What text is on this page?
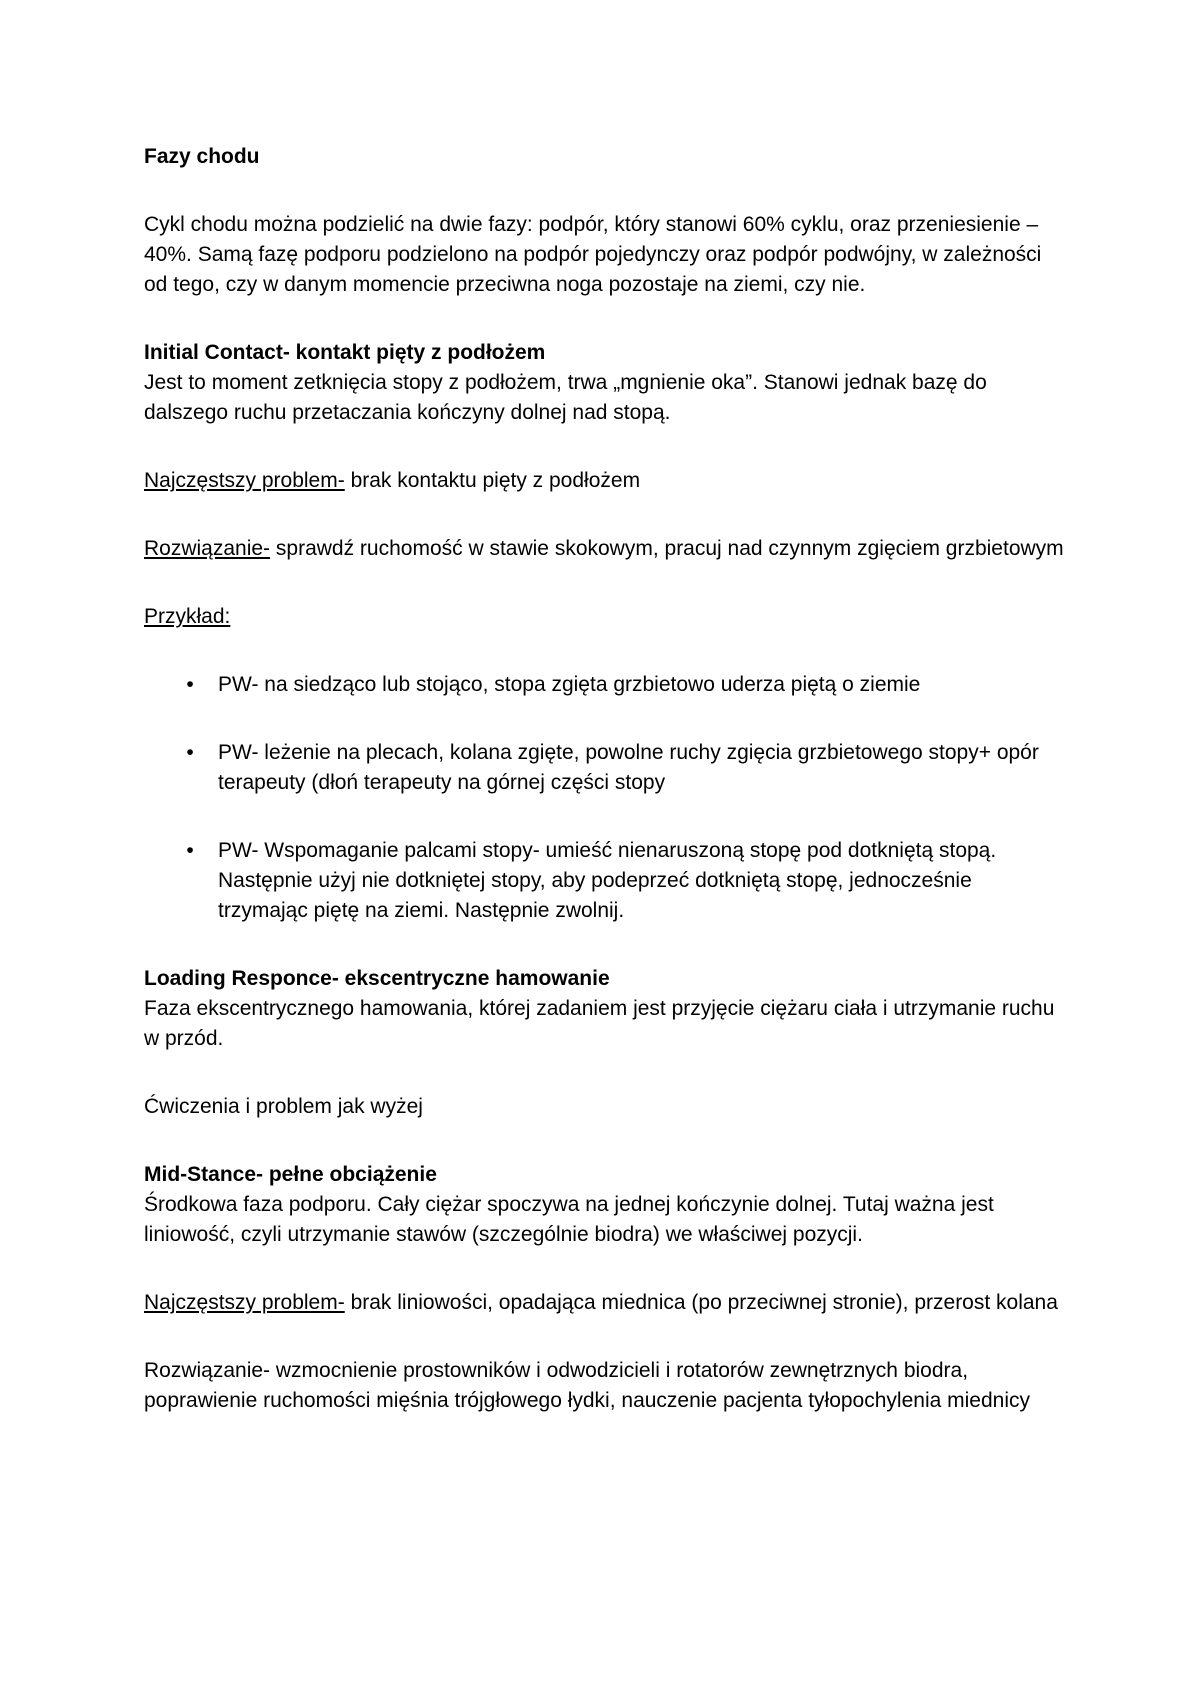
Fazy chodu

Cykl chodu można podzielić na dwie fazy: podpór, który stanowi 60% cyklu, oraz przeniesienie – 40%. Samą fazę podporu podzielono na podpór pojedynczy oraz podpór podwójny, w zależności od tego, czy w danym momencie przeciwna noga pozostaje na ziemi, czy nie.

Initial Contact- kontakt pięty z podłożem

Jest to moment zetknięcia stopy z podłożem, trwa „mgnienie oka”. Stanowi jednak bazę do dalszego ruchu przetaczania kończyny dolnej nad stopą.

Najczęstszy problem- brak kontaktu pięty z podłożem

Rozwiązanie- sprawdź ruchomość w stawie skokowym, pracuj nad czynnym zgięciem grzbietowym

Przykład:

• PW- na siedząco lub stojąco, stopa zgięta grzbietowo uderza piętą o ziemie
• PW- leżenie na plecach, kolana zgięte, powolne ruchy zgięcia grzbietowego stopy+ opór terapeuty (dłoń terapeuty na górnej części stopy
• PW- Wspomaganie palcami stopy- umieść nienaruszoną stopę pod dotkniętą stopą. Następnie użyj nie dotkniętej stopy, aby podeprzeć dotkniętą stopę, jednocześnie trzymając piętę na ziemi. Następnie zwolnij.

Loading Responce- ekscentryczne hamowanie

Faza ekscentrycznego hamowania, której zadaniem jest przyjęcie ciężaru ciała i utrzymanie ruchu w przód.

Ćwiczenia i problem jak wyżej

Mid-Stance- pełne obciążenie

Środkowa faza podporu. Cały ciężar spoczywa na jednej kończynie dolnej. Tutaj ważna jest liniowość, czyli utrzymanie stawów (szczególnie biodra) we właściwej pozycji.

Najczęstszy problem- brak liniowości, opadająca miednica (po przeciwnej stronie), przerost kolana

Rozwiązanie- wzmocnienie prostowników i odwodzicieli i rotatorów zewnętrznych biodra, poprawienie ruchomości mięśnia trójgłowego łydki, nauczenie pacjenta tyłopochylenia miednicy
